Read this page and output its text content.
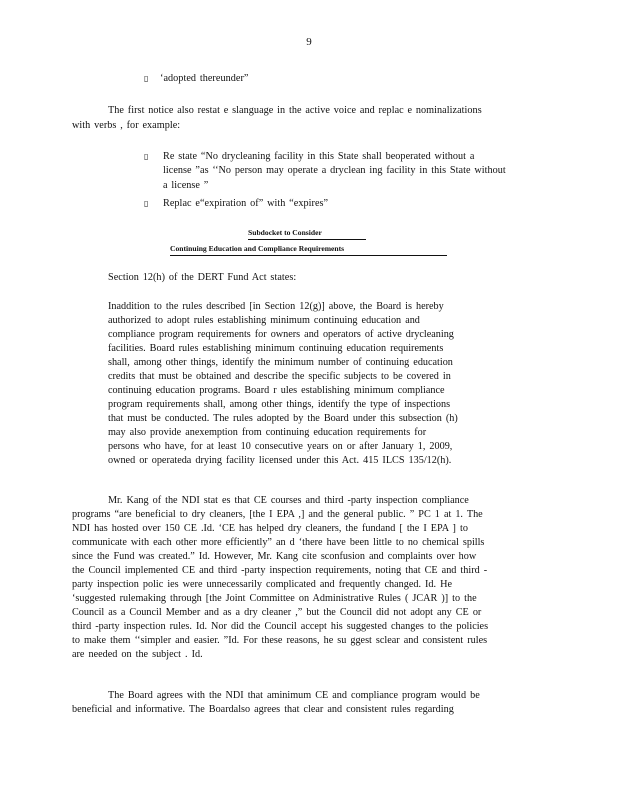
9
▯ ‘adopted thereunder”
The first notice also restat e slanguage in the active voice and replac e nominalizations
with verbs , for example:
▯ Re state “No drycleaning facility in this State shall beoperated without a
license ”as ‘‘No person may operate a dryclean ing facility in this State without
a license ”
▯ Replac e“expiration of” with “expires”
Subdocket to Consider
Continuing Education and Compliance Requirements
Section 12(h) of the DERT Fund Act states:
Inaddition to the rules described [in Section 12(g)] above, the Board is hereby
authorized to adopt rules establishing minimum continuing education and
compliance program requirements for owners and operators of active drycleaning
facilities. Board rules establishing minimum continuing education requirements
shall, among other things, identify the minimum number of continuing education
credits that must be obtained and describe the specific subjects to be covered in
continuing education programs. Board r ules establishing minimum compliance
program requirements shall, among other things, identify the type of inspections
that must be conducted. The rules adopted by the Board under this subsection (h)
may also provide anexemption from continuing education requirements for
persons who have, for at least 10 consecutive years on or after January 1, 2009,
owned or operateda drying facility licensed under this Act. 415 ILCS 135/12(h).
Mr. Kang of the NDI stat es that CE courses and third -party inspection compliance
programs “are beneficial to dry cleaners, [the I EPA ,] and the general public. ” PC 1 at 1. The
NDI has hosted over 150 CE .Id. ‘CE has helped dry cleaners, the fundand [ the I EPA ] to
communicate with each other more efficiently” an d ‘there have been little to no chemical spills
since the Fund was created.” Id. However, Mr. Kang cite sconfusion and complaints over how
the Council implemented CE and third -party inspection requirements, noting that CE and third -
party inspection polic ies were unnecessarily complicated and frequently changed. Id. He
‘suggested rulemaking through [the Joint Committee on Administrative Rules ( JCAR )] to the
Council as a Council Member and as a dry cleaner ,” but the Council did not adopt any CE or
third -party inspection rules. Id. Nor did the Council accept his suggested changes to the policies
to make them ‘‘simpler and easier. ”Id. For these reasons, he su ggest sclear and consistent rules
are needed on the subject . Id.
The Board agrees with the NDI that aminimum CE and compliance program would be
beneficial and informative. The Boardalso agrees that clear and consistent rules regarding
